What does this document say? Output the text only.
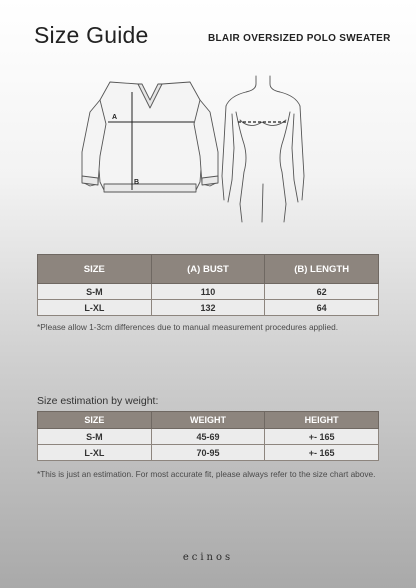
Size Guide	BLAIR OVERSIZED POLO SWEATER
A
B
SIZE	(A) BUST	(B) LENGTH
S-M	110	62
L-XL	132	64
*Please allow 1-3cm differences due to manual measurement procedures applied.
Size estimation by weight:
SIZE	WEIGHT	HEIGHT
S-M	45-69	+- 165
L-XL	70-95	+- 165
*This is just an estimation. For most accurate fit, please always refer to the size chart above.
ecinos
